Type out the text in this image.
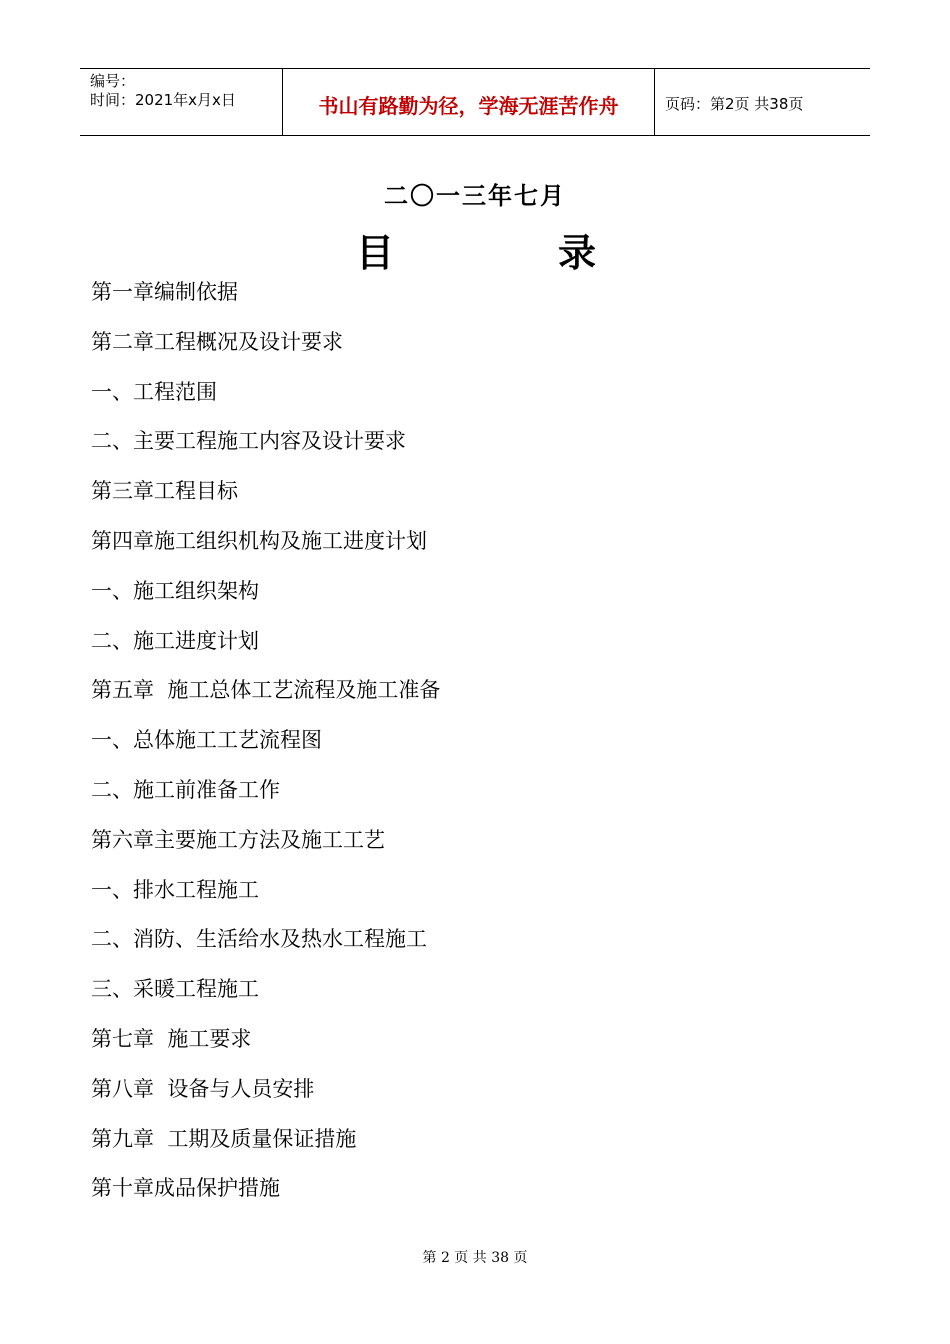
编号：
时间：2021年x月x日	书山有路勤为径，学海无涯苦作舟	页码：第2页 共38页
二〇一三年七月
目	录
第一章编制依据
第二章工程概况及设计要求
一、工程范围
二、主要工程施工内容及设计要求
第三章工程目标
第四章施工组织机构及施工进度计划
一、施工组织架构
二、施工进度计划
第五章  施工总体工艺流程及施工准备
一、总体施工工艺流程图
二、施工前准备工作
第六章主要施工方法及施工工艺
一、排水工程施工
二、消防、生活给水及热水工程施工
三、采暖工程施工
第七章  施工要求
第八章  设备与人员安排
第九章  工期及质量保证措施
第十章成品保护措施
第 2 页 共 38 页
